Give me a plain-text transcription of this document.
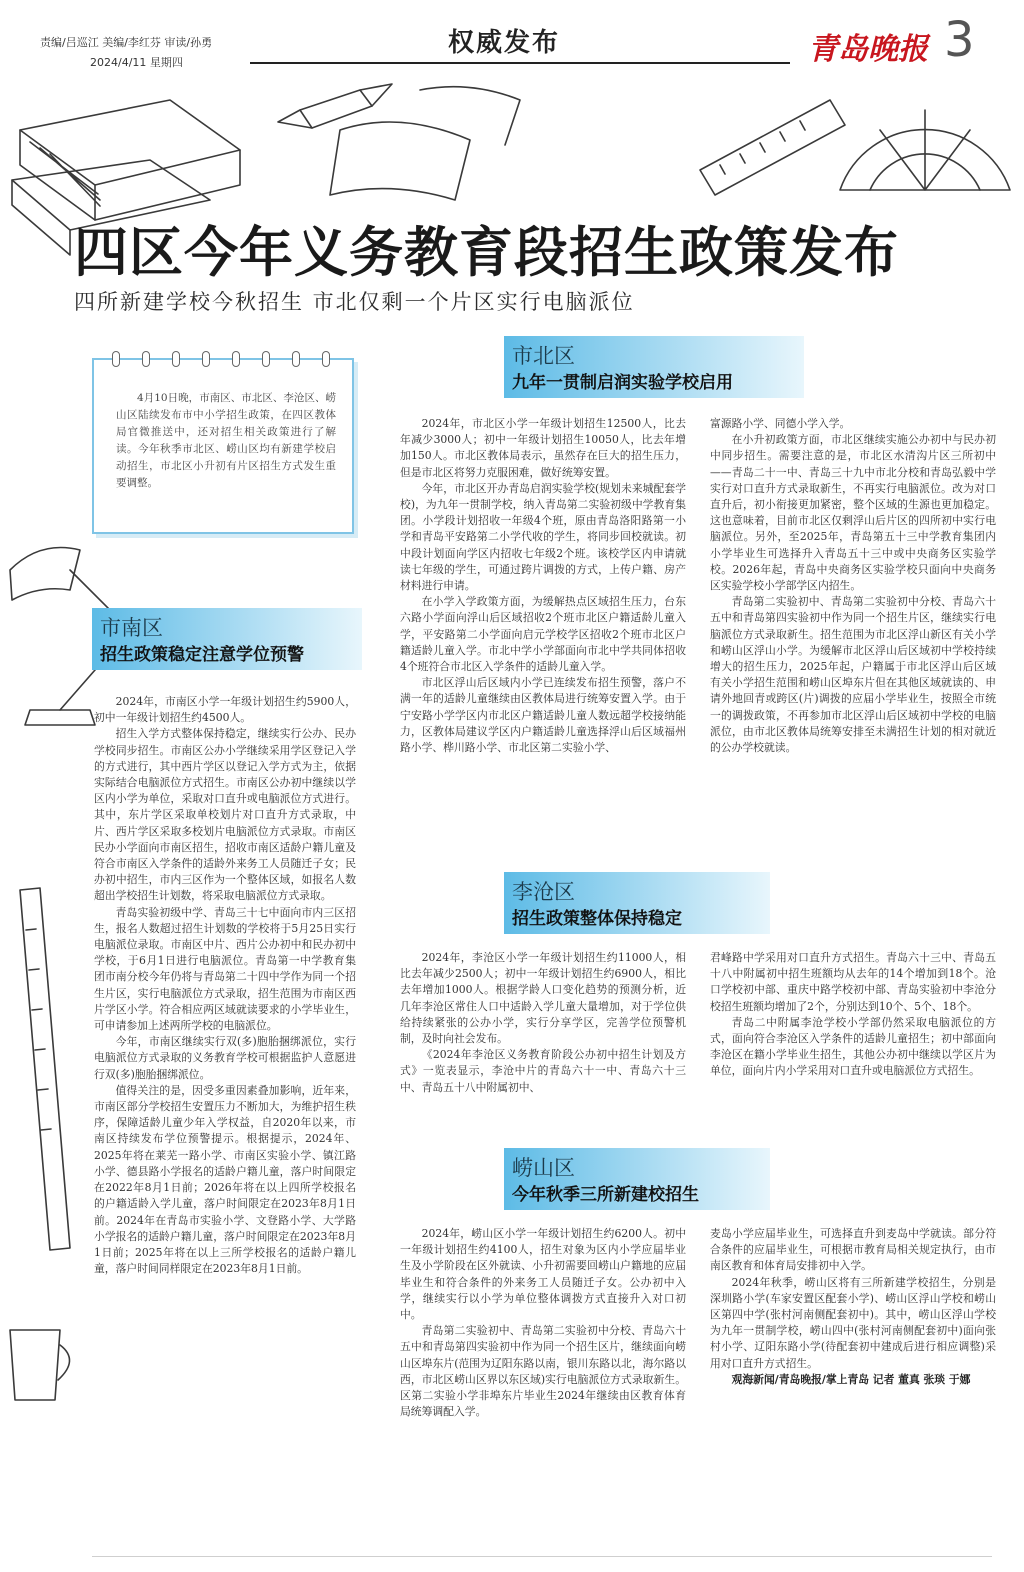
责编/吕巡江 美编/李红芬 审读/孙勇
2024/4/11 星期四
权威发布	青岛晚报 3
四区今年义务教育段招生政策发布
四所新建学校今秋招生 市北仅剩一个片区实行电脑派位
4月10日晚，市南区、市北区、李沧区、崂山区陆续发布市中小学招生政策，在四区教体局官微推送中，还对招生相关政策进行了解读。今年秋季市北区、崂山区均有新建学校启动招生，市北区小升初有片区招生方式发生重要调整。
市南区
招生政策稳定注意学位预警

2024年，市南区小学一年级计划招生约5900人，初中一年级计划招生约4500人。

招生入学方式整体保持稳定，继续实行公办、民办学校同步招生。市南区公办小学继续采用学区登记入学的方式进行，其中西片学区以登记入学方式为主，依据实际结合电脑派位方式招生。市南区公办初中继续以学区内小学为单位，采取对口直升或电脑派位方式进行。其中，东片学区采取单校划片对口直升方式录取，中片、西片学区采取多校划片电脑派位方式录取。市南区民办小学面向市南区招生，招收市南区适龄户籍儿童及符合市南区入学条件的适龄外来务工人员随迁子女；民办初中招生，市内三区作为一个整体区域，如报名人数超出学校招生计划数，将采取电脑派位方式录取。

青岛实验初级中学、青岛三十七中面向市内三区招生，报名人数超过招生计划数的学校将于5月25日实行电脑派位录取。市南区中片、西片公办初中和民办初中学校，于6月1日进行电脑派位。青岛第一中学教育集团市南分校今年仍将与青岛第二十四中学作为同一个招生片区，实行电脑派位方式录取，招生范围为市南区西片学区小学。符合相应两区域就读要求的小学毕业生，可申请参加上述两所学校的电脑派位。

今年，市南区继续实行双(多)胞胎捆绑派位，实行电脑派位方式录取的义务教育学校可根据监护人意愿进行双(多)胞胎捆绑派位。

值得关注的是，因受多重因素叠加影响，近年来，市南区部分学校招生安置压力不断加大，为维护招生秩序，保障适龄儿童少年入学权益，自2020年以来，市南区持续发布学位预警提示。根据提示，2024年、2025年将在莱芜一路小学、市南区实验小学、镇江路小学、德县路小学报名的适龄户籍儿童，落户时间限定在2022年8月1日前；2026年将在以上四所学校报名的户籍适龄入学儿童，落户时间限定在2023年8月1日前。2024年在青岛市实验小学、文登路小学、大学路小学报名的适龄户籍儿童，落户时间限定在2023年8月1日前；2025年将在以上三所学校报名的适龄户籍儿童，落户时间同样限定在2023年8月1日前。

市北区
九年一贯制启润实验学校启用

2024年，市北区小学一年级计划招生12500人，比去年减少3000人；初中一年级计划招生10050人，比去年增加150人。市北区教体局表示，虽然存在巨大的招生压力，但是市北区将努力克服困难，做好统筹安置。

今年，市北区开办青岛启润实验学校(规划未来城配套学校)，为九年一贯制学校，纳入青岛第二实验初级中学教育集团。小学段计划招收一年级4个班，原由青岛洛阳路第一小学和青岛平安路第二小学代收的学生，将同步回校就读。初中段计划面向学区内招收七年级2个班。该校学区内申请就读七年级的学生，可通过跨片调拨的方式，上传户籍、房产材料进行申请。

在小学入学政策方面，为缓解热点区域招生压力，台东六路小学面向浮山后区域招收2个班市北区户籍适龄儿童入学，平安路第二小学面向启元学校学区招收2个班市北区户籍适龄儿童入学。市北中学小学部面向市北中学共同体招收4个班符合市北区入学条件的适龄儿童入学。

市北区浮山后区域内小学已连续发布招生预警，落户不满一年的适龄儿童继续由区教体局进行统筹安置入学。由于宁安路小学学区内市北区户籍适龄儿童人数远超学校接纳能力，区教体局建议学区内户籍适龄儿童选择浮山后区域福州路小学、桦川路小学、市北区第二实验小学、

富源路小学、同德小学入学。

在小升初政策方面，市北区继续实施公办初中与民办初中同步招生。需要注意的是，市北区水清沟片区三所初中——青岛二十一中、青岛三十九中市北分校和青岛弘毅中学实行对口直升方式录取新生，不再实行电脑派位。改为对口直升后，初小衔接更加紧密，整个区域的生源也更加稳定。这也意味着，目前市北区仅剩浮山后片区的四所初中实行电脑派位。另外，至2025年，青岛第五十三中学教育集团内小学毕业生可选择升入青岛五十三中或中央商务区实验学校。2026年起，青岛中央商务区实验学校只面向中央商务区实验学校小学部学区内招生。

青岛第二实验初中、青岛第二实验初中分校、青岛六十五中和青岛第四实验初中作为同一个招生片区，继续实行电脑派位方式录取新生。招生范围为市北区浮山新区有关小学和崂山区浮山小学。为缓解市北区浮山后区域初中学校持续增大的招生压力，2025年起，户籍属于市北区浮山后区域有关小学招生范围和崂山区埠东片但在其他区域就读的、申请外地回青或跨区(片)调拨的应届小学毕业生，按照全市统一的调拨政策，不再参加市北区浮山后区域初中学校的电脑派位，由市北区教体局统筹安排至未满招生计划的相对就近的公办学校就读。

李沧区
招生政策整体保持稳定

2024年，李沧区小学一年级计划招生约11000人，相比去年减少2500人；初中一年级计划招生约6900人，相比去年增加1000人。根据学龄人口变化趋势的预测分析，近几年李沧区常住人口中适龄入学儿童大量增加，对于学位供给持续紧张的公办小学，实行分享学区，完善学位预警机制，及时向社会发布。

《2024年李沧区义务教育阶段公办初中招生计划及方式》一览表显示，李沧中片的青岛六十一中、青岛六十三中、青岛五十八中附属初中、

君峰路中学采用对口直升方式招生。青岛六十三中、青岛五十八中附属初中招生班额均从去年的14个增加到18个。沧口学校初中部、重庆中路学校初中部、青岛实验初中李沧分校招生班额均增加了2个，分别达到10个、5个、18个。

青岛二中附属李沧学校小学部仍然采取电脑派位的方式，面向符合李沧区入学条件的适龄儿童招生；初中部面向李沧区在籍小学毕业生招生，其他公办初中继续以学区片为单位，面向片内小学采用对口直升或电脑派位方式招生。

崂山区
今年秋季三所新建校招生

2024年，崂山区小学一年级计划招生约6200人。初中一年级计划招生约4100人，招生对象为区内小学应届毕业生及小学阶段在区外就读、小升初需要回崂山户籍地的应届毕业生和符合条件的外来务工人员随迁子女。公办初中入学，继续实行以小学为单位整体调拨方式直接升入对口初中。

青岛第二实验初中、青岛第二实验初中分校、青岛六十五中和青岛第四实验初中作为同一个招生区片，继续面向崂山区埠东片(范围为辽阳东路以南，银川东路以北，海尔路以西，市北区崂山区界以东区域)实行电脑派位方式录取新生。区第二实验小学非埠东片毕业生2024年继续由区教育体育局统筹调配入学。

麦岛小学应届毕业生，可选择直升到麦岛中学就读。部分符合条件的应届毕业生，可根据市教育局相关规定执行，由市南区教育和体育局安排初中入学。

2024年秋季，崂山区将有三所新建学校招生，分别是深圳路小学(车家安置区配套小学)、崂山区浮山学校和崂山区第四中学(张村河南侧配套初中)。其中，崂山区浮山学校为九年一贯制学校，崂山四中(张村河南侧配套初中)面向张村小学、辽阳东路小学(待配套初中建成后进行相应调整)采用对口直升方式招生。

观海新闻/青岛晚报/掌上青岛 记者 董真 张琰 于娜
